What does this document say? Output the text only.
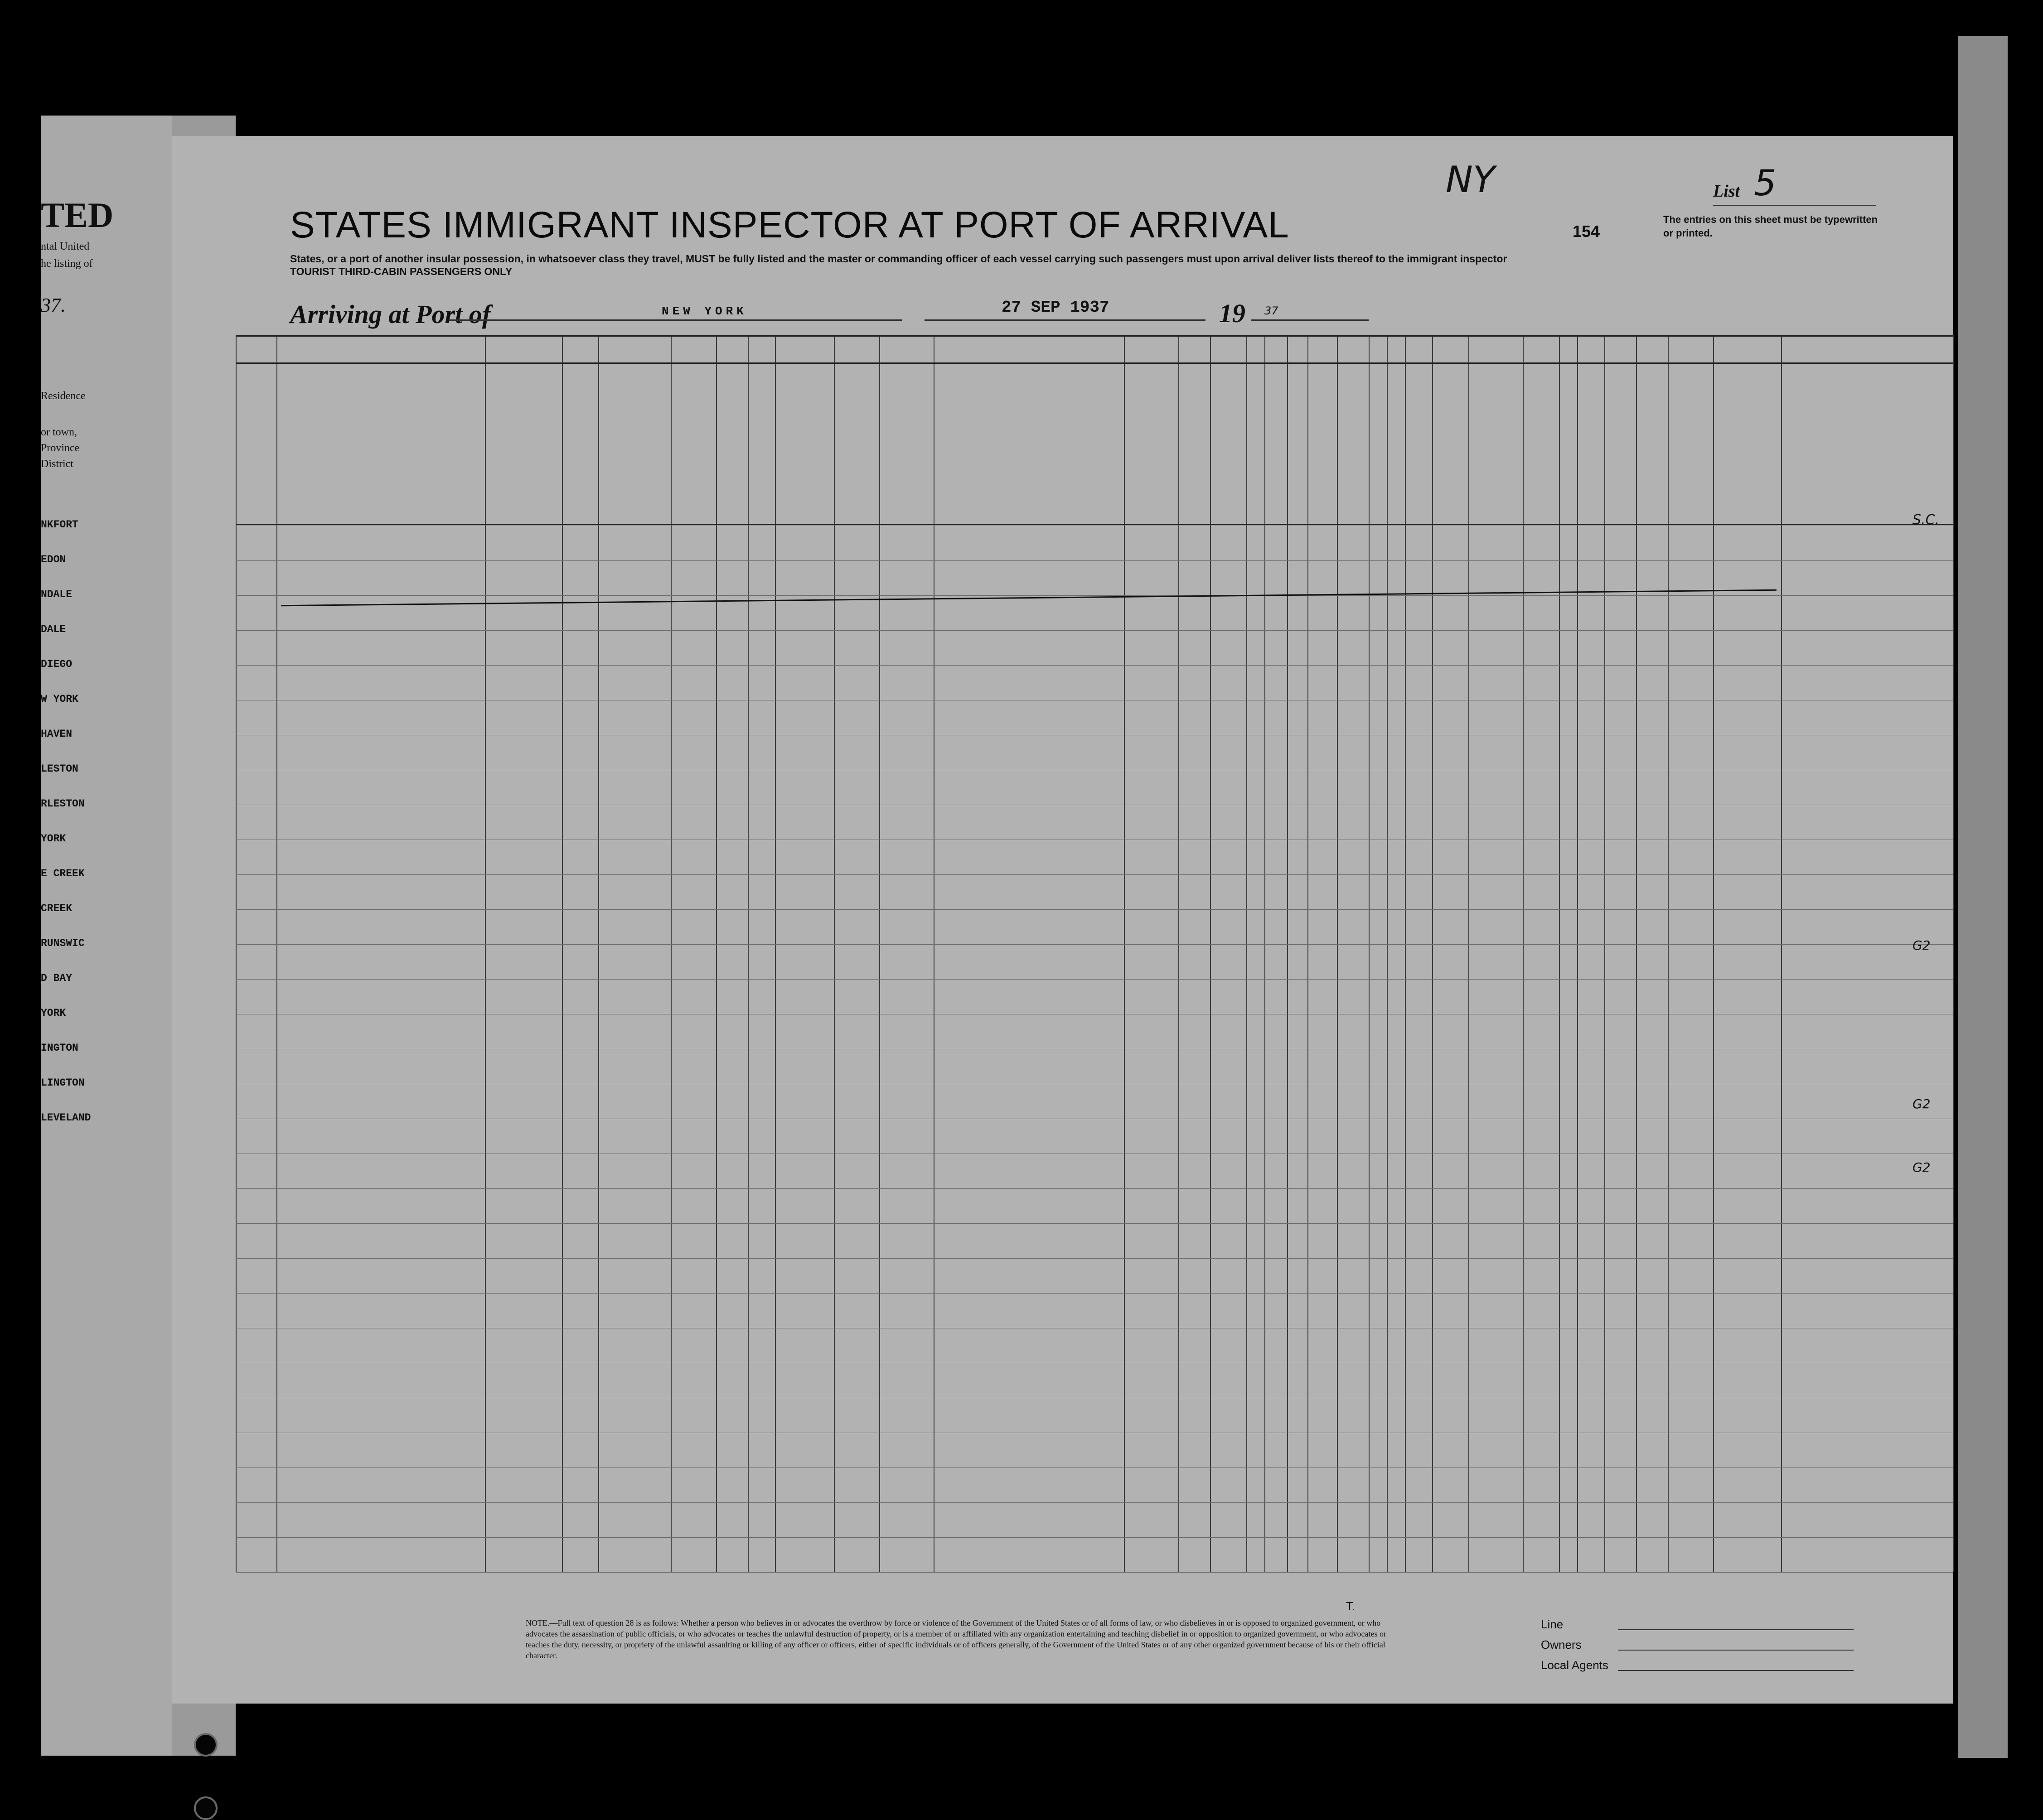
TED
ntal United
he listing of
37.
Residence
or town,
Province
District
NKFORT
EDON
NDALE
DALE
DIEGO
W YORK
HAVEN
LESTON
RLESTON
YORK
E CREEK
CREEK
RUNSWIC
D BAY
YORK
INGTON
LINGTON
LEVELAND
STATES IMMIGRANT INSPECTOR AT PORT OF ARRIVAL
States, or a port of another insular possession, in whatsoever class they travel, MUST be fully listed and the master or commanding officer of each vessel carrying such passengers must upon arrival deliver lists thereof to the immigrant inspector
TOURIST THIRD-CABIN PASSENGERS ONLY
Arriving at Port of	NEW YORK	27 SEP 1937	19 37
NY	List 5
154
The entries on this sheet must be typewritten or printed.
NOTE.—Full text of question 28 is as follows: Whether a person who believes in or advocates the overthrow by force or violence of the Government of the United States or of all forms of law, or who disbelieves in or is opposed to organized government, or who advocates the assassination of public officials, or who advocates or teaches the unlawful destruction of property, or is a member of or affiliated with any organization entertaining and teaching disbelief in or opposition to organized government, or who advocates or teaches the duty, necessity, or propriety of the unlawful assaulting or killing of any officer or officers, either of specific individuals or of officers generally, of the Government of the United States or of any other organized government because of his or their official character.
T.
Line
Owners
Local Agents
S.C.
G2
G2
G2
